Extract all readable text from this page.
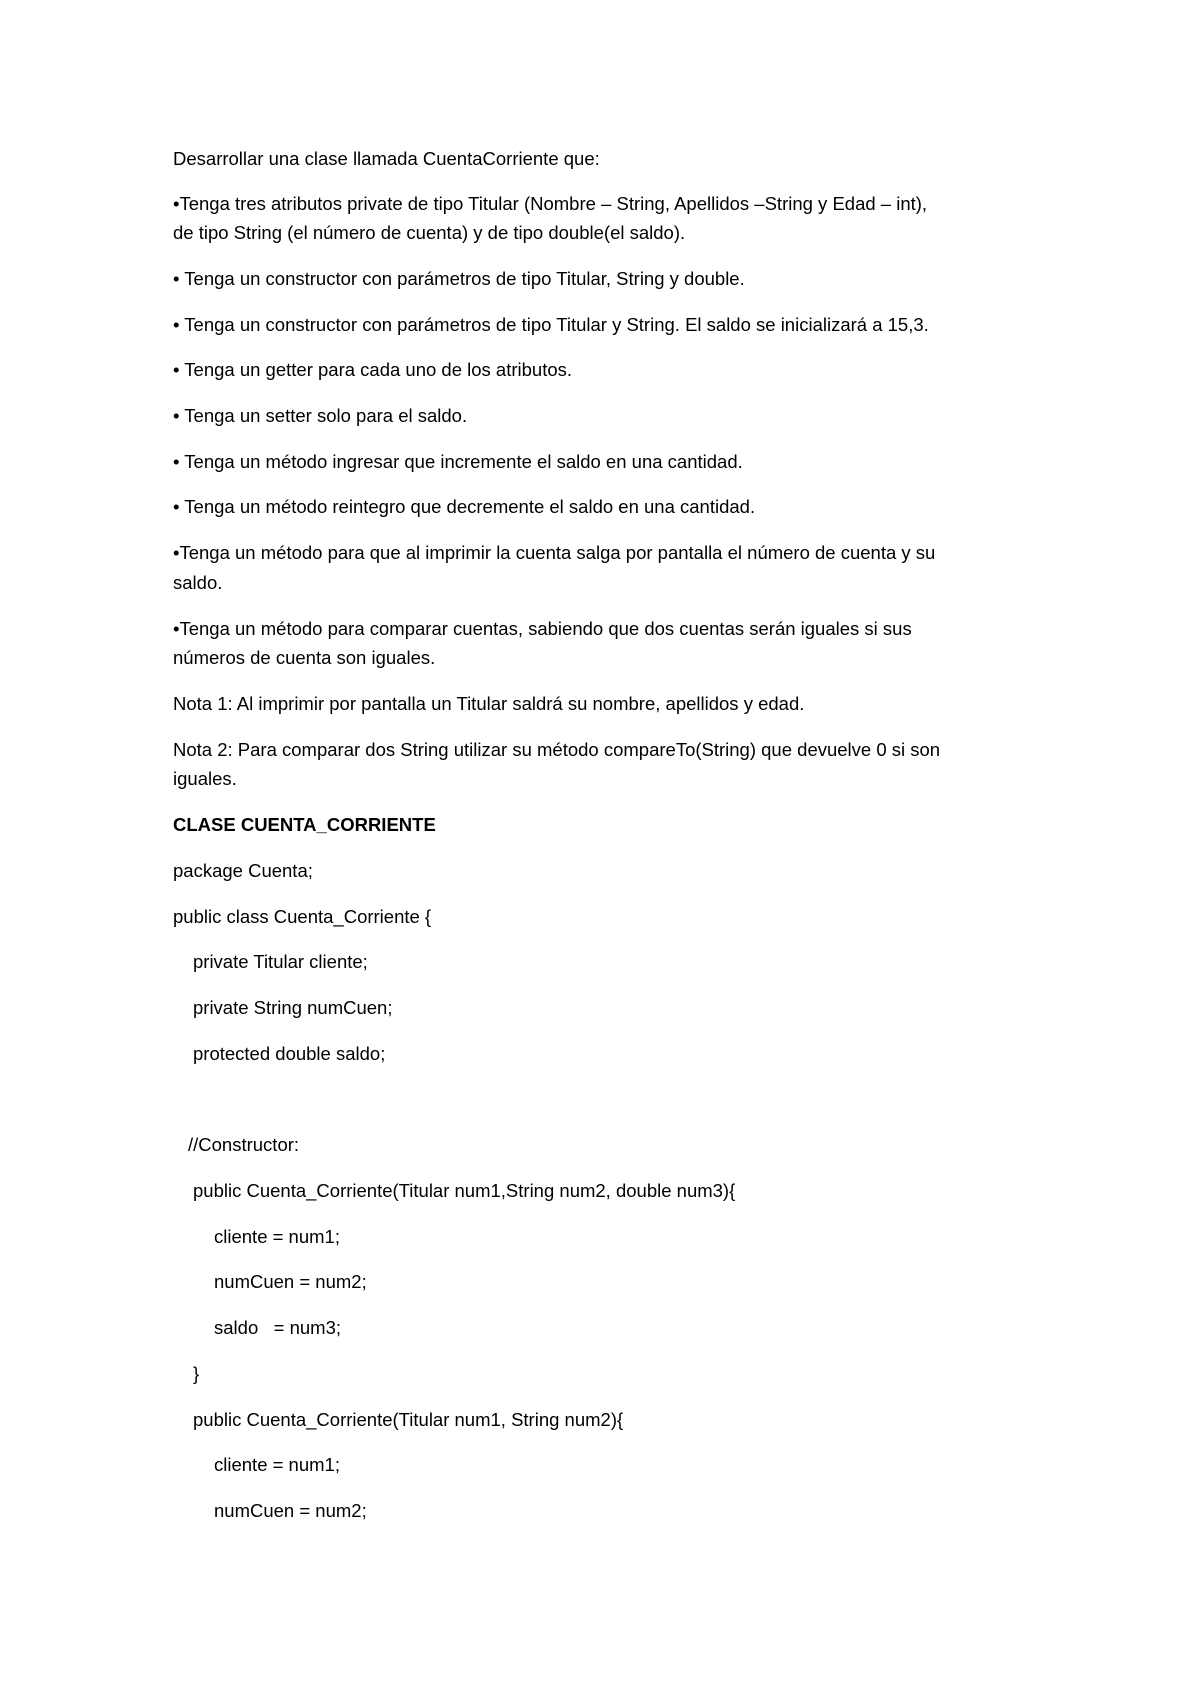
Desarrollar una clase llamada CuentaCorriente que:

•Tenga tres atributos private de tipo Titular (Nombre – String, Apellidos –String y Edad – int),

de tipo String (el número de cuenta) y de tipo double(el saldo).

• Tenga un constructor con parámetros de tipo Titular, String y double.

• Tenga un constructor con parámetros de tipo Titular y String. El saldo se inicializará a 15,3.

• Tenga un getter para cada uno de los atributos.

• Tenga un setter solo para el saldo.

• Tenga un método ingresar que incremente el saldo en una cantidad.

• Tenga un método reintegro que decremente el saldo en una cantidad.

•Tenga un método para que al imprimir la cuenta salga por pantalla el número de cuenta y su

saldo.

•Tenga un método para comparar cuentas, sabiendo que dos cuentas serán iguales si sus

números de cuenta son iguales.

Nota 1: Al imprimir por pantalla un Titular saldrá su nombre, apellidos y edad.

Nota 2: Para comparar dos String utilizar su método compareTo(String) que devuelve 0 si son

iguales.

CLASE CUENTA_CORRIENTE

package Cuenta;

public class Cuenta_Corriente {

private Titular cliente;

private String numCuen;

protected double saldo;

//Constructor:

public Cuenta_Corriente(Titular num1,String num2, double num3){

cliente = num1;

numCuen = num2;

saldo   = num3;

}

public Cuenta_Corriente(Titular num1, String num2){

cliente = num1;

numCuen = num2;
